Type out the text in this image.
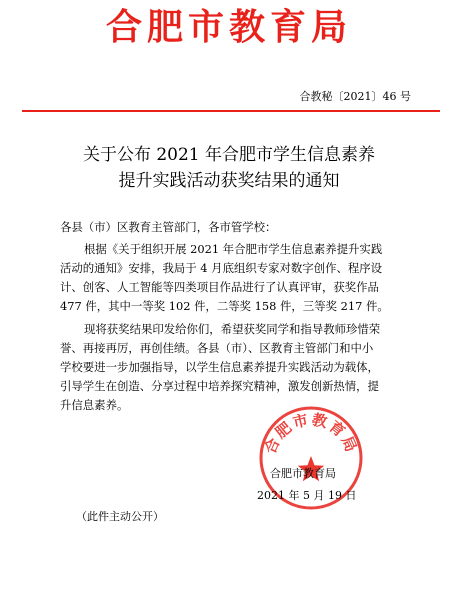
合肥市教育局
合教秘〔2021〕46 号
关于公布 2021 年合肥市学生信息素养
提升实践活动获奖结果的通知
各县（市）区教育主管部门，各市管学校：
根据《关于组织开展 2021 年合肥市学生信息素养提升实践
活动的通知》安排，我局于 4 月底组织专家对数字创作、程序设
计、创客、人工智能等四类项目作品进行了认真评审，获奖作品
477 件，其中一等奖 102 件，二等奖 158 件，三等奖 217 件。
现将获奖结果印发给你们，希望获奖同学和指导教师珍惜荣
誉、再接再厉，再创佳绩。各县（市）、区教育主管部门和中小
学校要进一步加强指导，以学生信息素养提升实践活动为载体，
引导学生在创造、分享过程中培养探究精神，激发创新热情，提
升信息素养。
合肥市教育局
合肥市教育局
2021 年 5 月 19 日
（此件主动公开）
